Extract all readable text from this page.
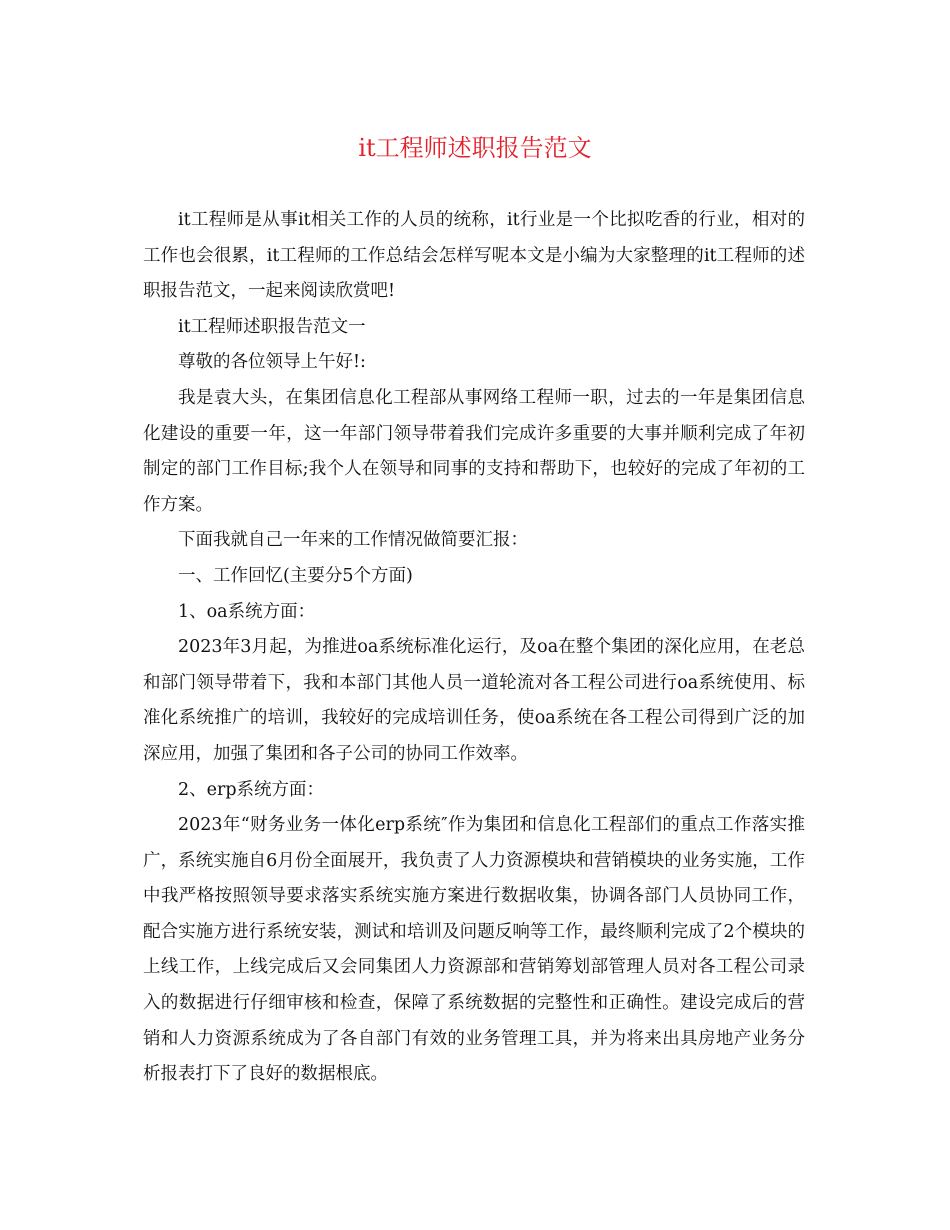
it工程师述职报告范文

it工程师是从事it相关工作的人员的统称，it行业是一个比拟吃香的行业，相对的工作也会很累，it工程师的工作总结会怎样写呢本文是小编为大家整理的it工程师的述职报告范文，一起来阅读欣赏吧!

it工程师述职报告范文一

尊敬的各位领导上午好!:

我是袁大头，在集团信息化工程部从事网络工程师一职，过去的一年是集团信息化建设的重要一年，这一年部门领导带着我们完成许多重要的大事并顺利完成了年初制定的部门工作目标;我个人在领导和同事的支持和帮助下，也较好的完成了年初的工作方案。

下面我就自己一年来的工作情况做简要汇报：

一、工作回忆(主要分5个方面)

1、oa系统方面：

2023年3月起，为推进oa系统标准化运行，及oa在整个集团的深化应用，在老总和部门领导带着下，我和本部门其他人员一道轮流对各工程公司进行oa系统使用、标准化系统推广的培训，我较好的完成培训任务，使oa系统在各工程公司得到广泛的加深应用，加强了集团和各子公司的协同工作效率。

2、erp系统方面：

2023年“财务业务一体化erp系统″作为集团和信息化工程部们的重点工作落实推广，系统实施自6月份全面展开，我负责了人力资源模块和营销模块的业务实施，工作中我严格按照领导要求落实系统实施方案进行数据收集，协调各部门人员协同工作，配合实施方进行系统安装，测试和培训及问题反响等工作，最终顺利完成了2个模块的上线工作，上线完成后又会同集团人力资源部和营销筹划部管理人员对各工程公司录入的数据进行仔细审核和检查，保障了系统数据的完整性和正确性。建设完成后的营销和人力资源系统成为了各自部门有效的业务管理工具，并为将来出具房地产业务分析报表打下了良好的数据根底。
